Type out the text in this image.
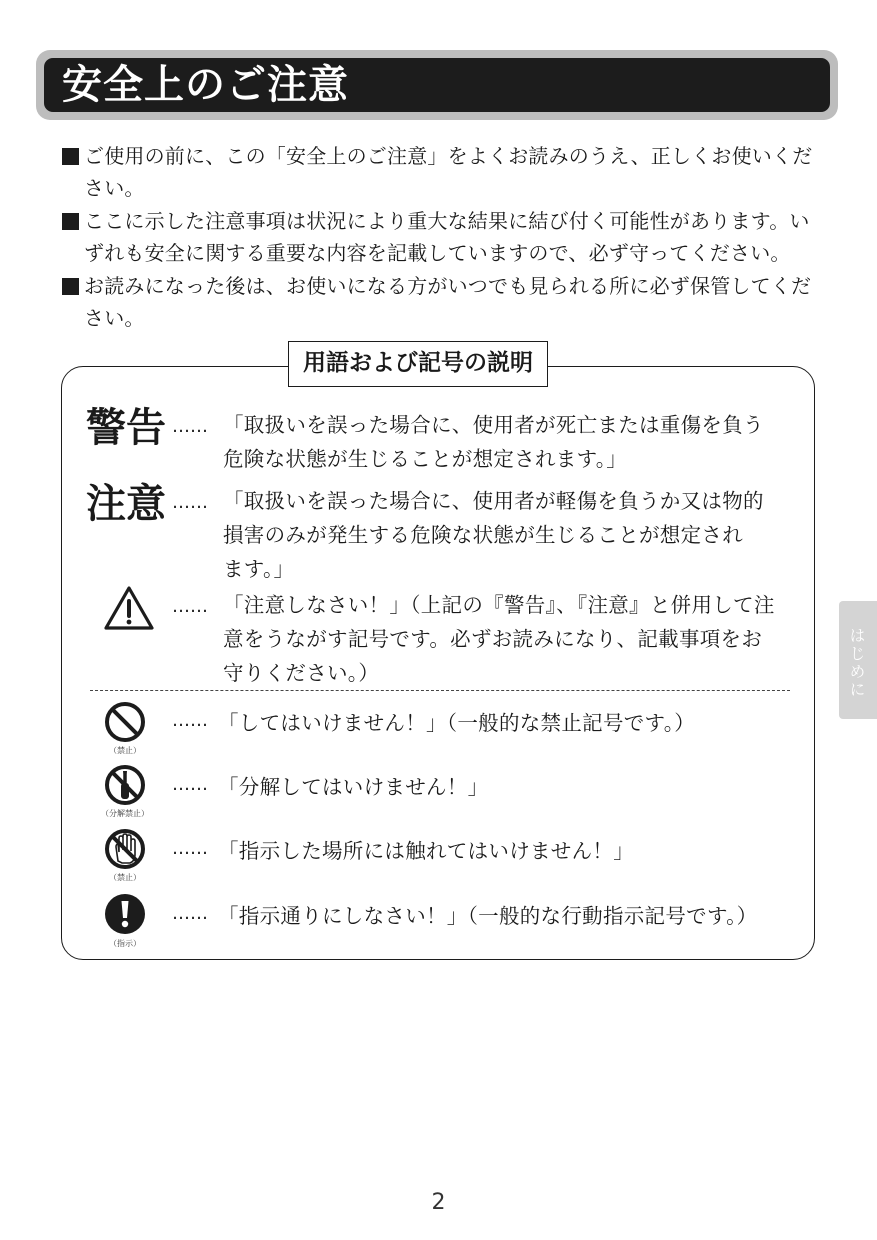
安全上のご注意
ご使用の前に、この「安全上のご注意」をよくお読みのうえ、正しくお使いください。
ここに示した注意事項は状況により重大な結果に結び付く可能性があります。いずれも安全に関する重要な内容を記載していますので、必ず守ってください。
お読みになった後は、お使いになる方がいつでも見られる所に必ず保管してください。
用語および記号の説明
警告 …… 「取扱いを誤った場合に、使用者が死亡または重傷を負う
危険な状態が生じることが想定されます。」
注意 …… 「取扱いを誤った場合に、使用者が軽傷を負うか又は物的
損害のみが発生する危険な状態が生じることが想定され
ます。」
…… 「注意しなさい！」（上記の『警告』、『注意』と併用して注
意をうながす記号です。必ずお読みになり、記載事項をお
守りください。）
（禁止）
…… 「してはいけません！」（一般的な禁止記号です。）
（分解禁止）
…… 「分解してはいけません！」
（禁止）
…… 「指示した場所には触れてはいけません！」
（指示）
…… 「指示通りにしなさい！」（一般的な行動指示記号です。）
はじめに
2
